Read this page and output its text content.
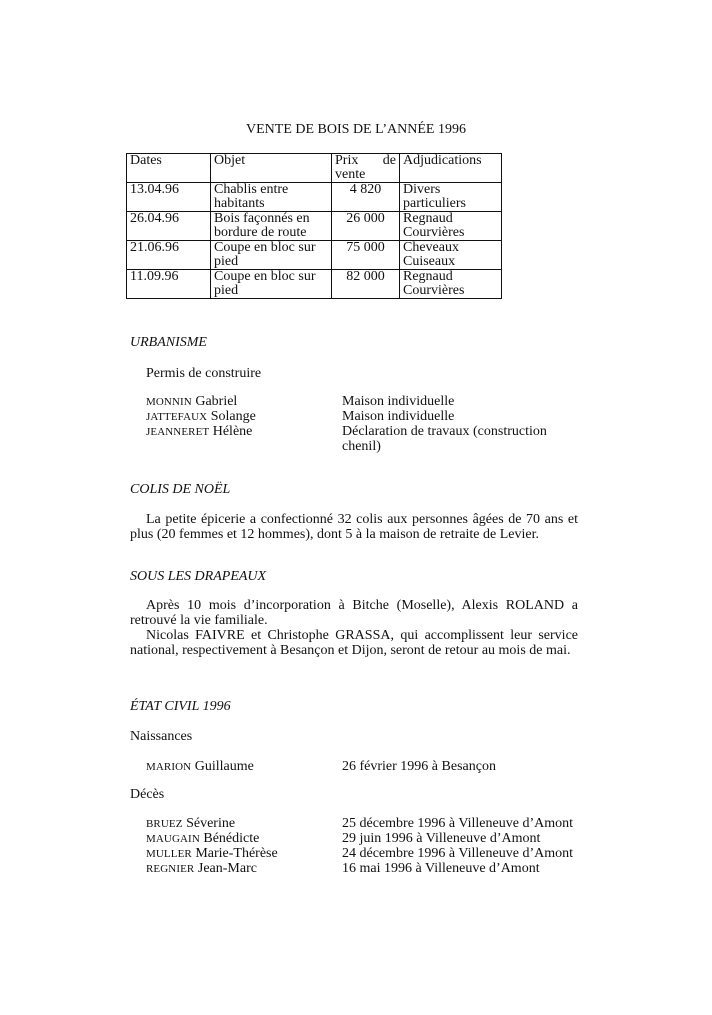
VENTE DE BOIS DE L’ANNÉE 1996
Dates	Objet	Prix de vente	Adjudications
13.04.96	Chablis entre habitants	4 820	Divers particuliers
26.04.96	Bois façonnés en bordure de route	26 000	Regnaud Courvières
21.06.96	Coupe en bloc sur pied	75 000	Cheveaux Cuiseaux
11.09.96	Coupe en bloc sur pied	82 000	Regnaud Courvières
URBANISME
Permis de construire
MONNIN Gabriel	Maison individuelle
JATTEFAUX Solange	Maison individuelle
JEANNERET Hélène	Déclaration de travaux (construction chenil)
COLIS DE NOËL
La petite épicerie a confectionné 32 colis aux personnes âgées de 70 ans et plus (20 femmes et 12 hommes), dont 5 à la maison de retraite de Levier.
SOUS LES DRAPEAUX
Après 10 mois d’incorporation à Bitche (Moselle), Alexis ROLAND a retrouvé la vie familiale.
Nicolas FAIVRE et Christophe GRASSA, qui accomplissent leur service national, respectivement à Besançon et Dijon, seront de retour au mois de mai.
ÉTAT CIVIL 1996
Naissances
MARION Guillaume	26 février 1996 à Besançon
Décès
BRUEZ Séverine	25 décembre 1996 à Villeneuve d’Amont
MAUGAIN Bénédicte	29 juin 1996 à Villeneuve d’Amont
MULLER Marie-Thérèse	24 décembre 1996 à Villeneuve d’Amont
REGNIER Jean-Marc	16 mai 1996 à Villeneuve d’Amont
